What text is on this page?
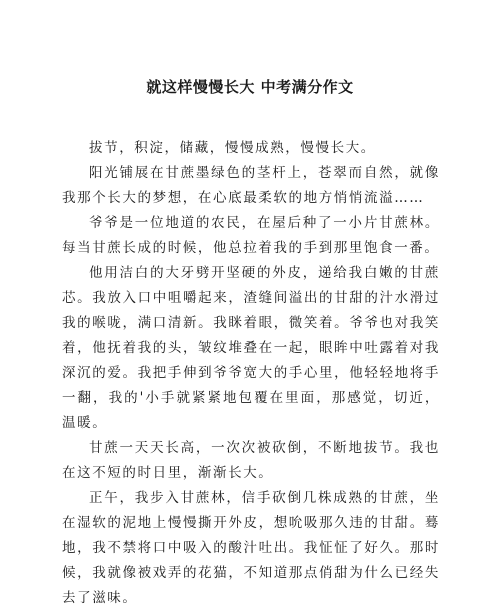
就这样慢慢长大 中考满分作文

拔节，积淀，储藏，慢慢成熟，慢慢长大。

阳光铺展在甘蔗墨绿色的茎杆上，苍翠而自然，就像我那个长大的梦想，在心底最柔软的地方悄悄流溢……

爷爷是一位地道的农民，在屋后种了一小片甘蔗林。每当甘蔗长成的时候，他总拉着我的手到那里饱食一番。

他用洁白的大牙劈开坚硬的外皮，递给我白嫩的甘蔗芯。我放入口中咀嚼起来，渣缝间溢出的甘甜的汁水滑过我的喉咙，满口清新。我眯着眼，微笑着。爷爷也对我笑着，他抚着我的头，皱纹堆叠在一起，眼眸中吐露着对我深沉的爱。我把手伸到爷爷宽大的手心里，他轻轻地将手一翻，我的'小手就紧紧地包覆在里面，那感觉，切近，温暖。

甘蔗一天天长高，一次次被砍倒，不断地拔节。我也在这不短的时日里，渐渐长大。

正午，我步入甘蔗林，信手砍倒几株成熟的甘蔗，坐在湿软的泥地上慢慢撕开外皮，想吮吸那久违的甘甜。蓦地，我不禁将口中吸入的酸汁吐出。我怔怔了好久。那时候，我就像被戏弄的花猫，不知道那点俏甜为什么已经失去了滋味。
